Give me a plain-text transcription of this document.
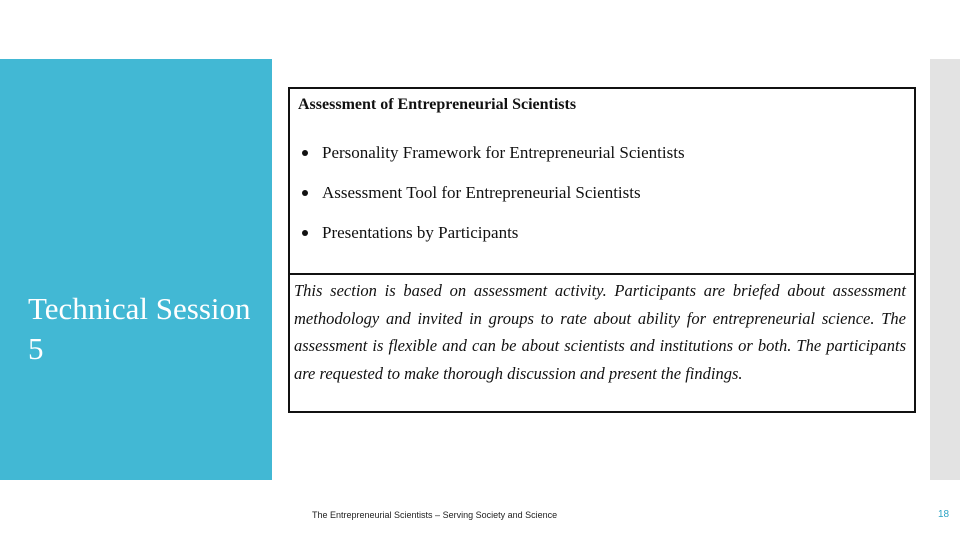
Technical Session 5
Assessment of Entrepreneurial Scientists
Personality Framework for Entrepreneurial Scientists
Assessment Tool for Entrepreneurial Scientists
Presentations by Participants

This section is based on assessment activity. Participants are briefed about assessment methodology and invited in groups to rate about ability for entrepreneurial science. The assessment is flexible and can be about scientists and institutions or both. The participants are requested to make thorough discussion and present the findings.

The Entrepreneurial Scientists – Serving Society and Science	18
